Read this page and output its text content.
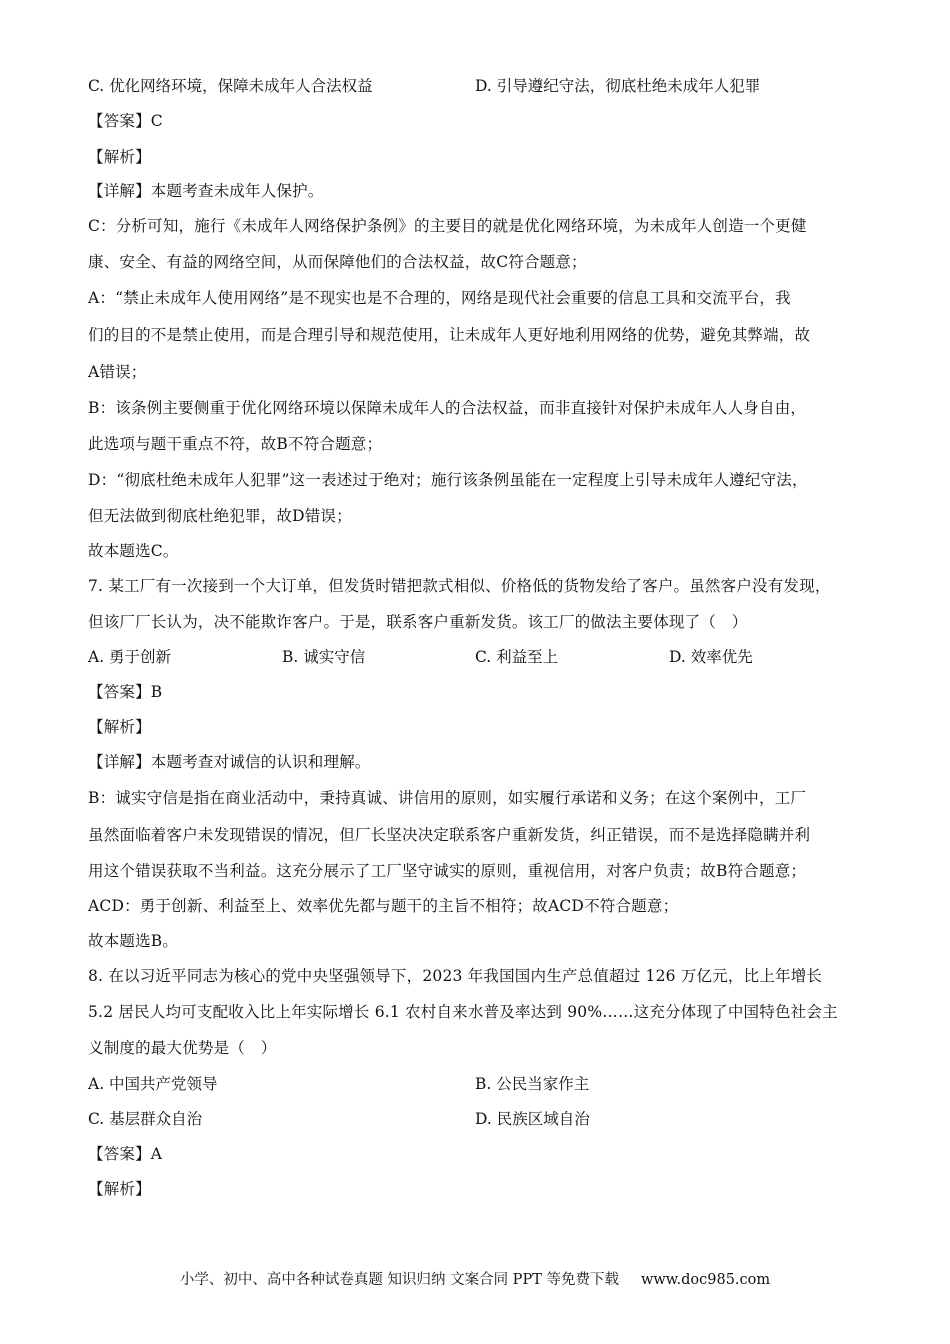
C. 优化网络环境，保障未成年人合法权益	D. 引导遵纪守法，彻底杜绝未成年人犯罪
【答案】C
【解析】
【详解】本题考查未成年人保护。
C：分析可知，施行《未成年人网络保护条例》的主要目的就是优化网络环境，为未成年人创造一个更健
康、安全、有益的网络空间，从而保障他们的合法权益，故C符合题意；
A：“禁止未成年人使用网络”是不现实也是不合理的，网络是现代社会重要的信息工具和交流平台，我
们的目的不是禁止使用，而是合理引导和规范使用，让未成年人更好地利用网络的优势，避免其弊端，故
A错误；
B：该条例主要侧重于优化网络环境以保障未成年人的合法权益，而非直接针对保护未成年人人身自由，
此选项与题干重点不符，故B不符合题意；
D：“彻底杜绝未成年人犯罪”这一表述过于绝对；施行该条例虽能在一定程度上引导未成年人遵纪守法，
但无法做到彻底杜绝犯罪，故D错误；
故本题选C。
7. 某工厂有一次接到一个大订单，但发货时错把款式相似、价格低的货物发给了客户。虽然客户没有发现，
但该厂厂长认为，决不能欺诈客户。于是，联系客户重新发货。该工厂的做法主要体现了（　）
A. 勇于创新	B. 诚实守信	C. 利益至上	D. 效率优先
【答案】B
【解析】
【详解】本题考查对诚信的认识和理解。
B：诚实守信是指在商业活动中，秉持真诚、讲信用的原则，如实履行承诺和义务；在这个案例中，工厂
虽然面临着客户未发现错误的情况，但厂长坚决决定联系客户重新发货，纠正错误，而不是选择隐瞒并利
用这个错误获取不当利益。这充分展示了工厂坚守诚实的原则，重视信用，对客户负责；故B符合题意；
ACD：勇于创新、利益至上、效率优先都与题干的主旨不相符；故ACD不符合题意；
故本题选B。
8. 在以习近平同志为核心的党中央坚强领导下，2023 年我国国内生产总值超过 126 万亿元，比上年增长
5.2 居民人均可支配收入比上年实际增长 6.1 农村自来水普及率达到 90%……这充分体现了中国特色社会主
义制度的最大优势是（　）
A. 中国共产党领导	B. 公民当家作主
C. 基层群众自治	D. 民族区域自治
【答案】A
【解析】
小学、初中、高中各种试卷真题 知识归纳 文案合同 PPT 等免费下载 www.doc985.com
